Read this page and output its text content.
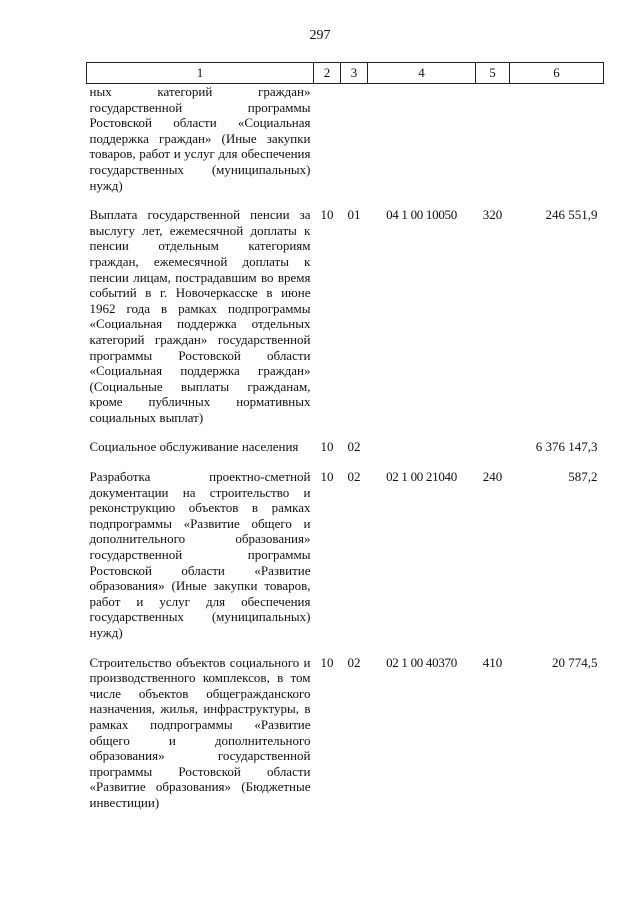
297
1	2	3	4	5	6
ных категорий граждан» государственной программы Ростовской области «Социальная поддержка граждан» (Иные закупки товаров, работ и услуг для обеспечения государственных (муниципальных) нужд)					
Выплата государственной пенсии за выслугу лет, ежемесячной доплаты к пенсии отдельным категориям граждан, ежемесячной доплаты к пенсии лицам, пострадавшим во время событий в г. Новочеркасске в июне 1962 года в рамках подпрограммы «Социальная поддержка отдельных категорий граждан» государственной программы Ростовской области «Социальная поддержка граждан» (Социальные выплаты гражданам, кроме публичных нормативных социальных выплат)	10	01	04 1 00 10050	320	246 551,9
Социальное обслуживание населения	10	02			6 376 147,3
Разработка проектно-сметной документации на строительство и реконструкцию объектов в рамках подпрограммы «Развитие общего и дополнительного образования» государственной программы Ростовской области «Развитие образования» (Иные закупки товаров, работ и услуг для обеспечения государственных (муниципальных) нужд)	10	02	02 1 00 21040	240	587,2
Строительство объектов социального и производственного комплексов, в том числе объектов общегражданского назначения, жилья, инфраструктуры, в рамках подпрограммы «Развитие общего и дополнительного образования» государственной программы Ростовской области «Развитие образования» (Бюджетные инвестиции)	10	02	02 1 00 40370	410	20 774,5
